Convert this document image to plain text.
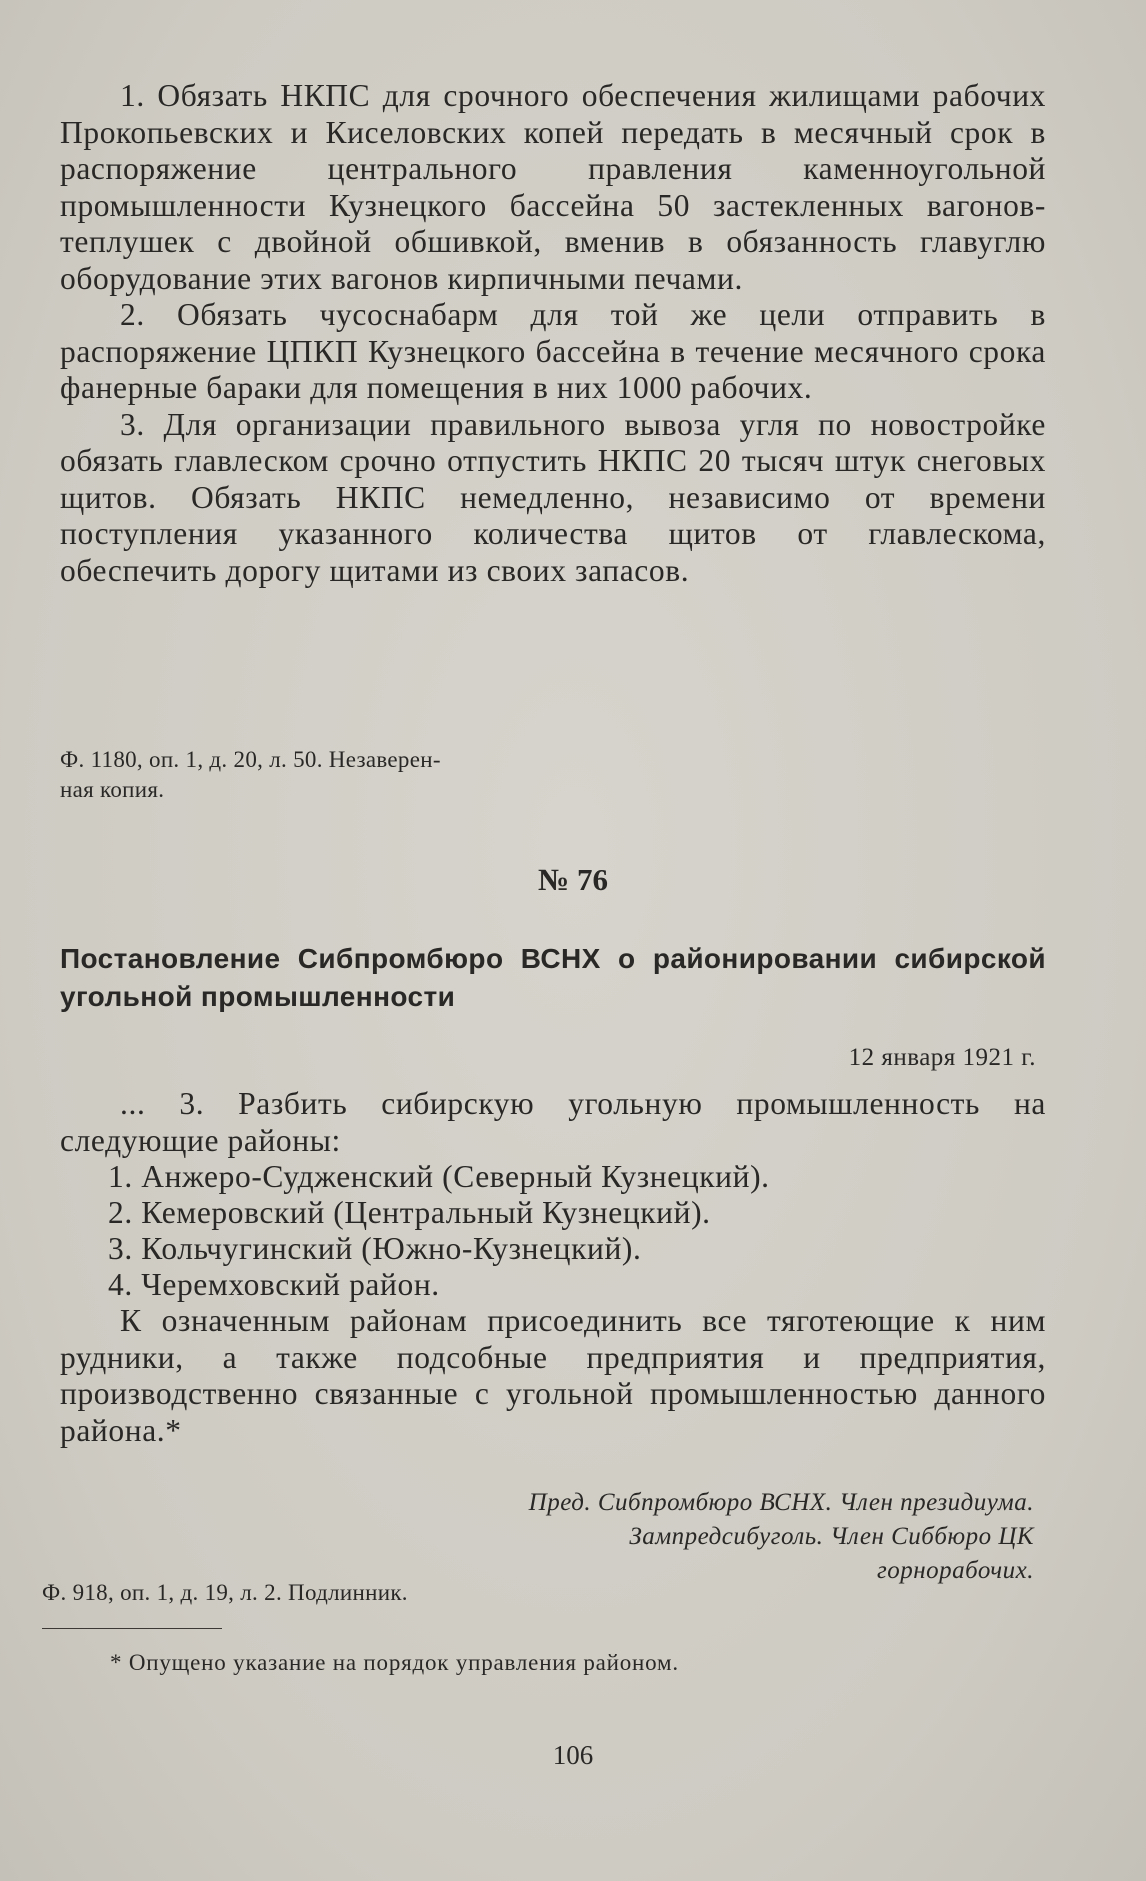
1. Обязать НКПС для срочного обеспечения жилищами рабочих Прокопьевских и Киселовских копей передать в месячный срок в распоряжение центрального правления каменноугольной промышленности Кузнецкого бассейна 50 застекленных вагонов-теплушек с двойной обшивкой, вменив в обязанность главуглю оборудование этих вагонов кирпичными печами.

2. Обязать чусоснабарм для той же цели отправить в распоряжение ЦПКП Кузнецкого бассейна в течение месячного срока фанерные бараки для помещения в них 1000 рабочих.

3. Для организации правильного вывоза угля по новостройке обязать главлеском срочно отпустить НКПС 20 тысяч штук снеговых щитов. Обязать НКПС немедленно, независимо от времени поступления указанного количества щитов от главлескома, обеспечить дорогу щитами из своих запасов.

Ф. 1180, оп. 1, д. 20, л. 50. Незаверен-

ная копия.

№ 76

Постановление Сибпромбюро ВСНХ о районировании сибирской угольной промышленности

12 января 1921 г.

... 3. Разбить сибирскую угольную промышленность на следующие районы:

1. Анжеро-Судженский (Северный Кузнецкий).
2. Кемеровский (Центральный Кузнецкий).
3. Кольчугинский (Южно-Кузнецкий).
4. Черемховский район.

К означенным районам присоединить все тяготеющие к ним рудники, а также подсобные предприятия и предприятия, производственно связанные с угольной промышленностью данного района.*

Пред. Сибпромбюро ВСНХ. Член президиума.
Зампредсибуголь. Член Сиббюро ЦК
горнорабочих.
Ф. 918, оп. 1, д. 19, л. 2. Подлинник.
* Опущено указание на порядок управления районом.
106
